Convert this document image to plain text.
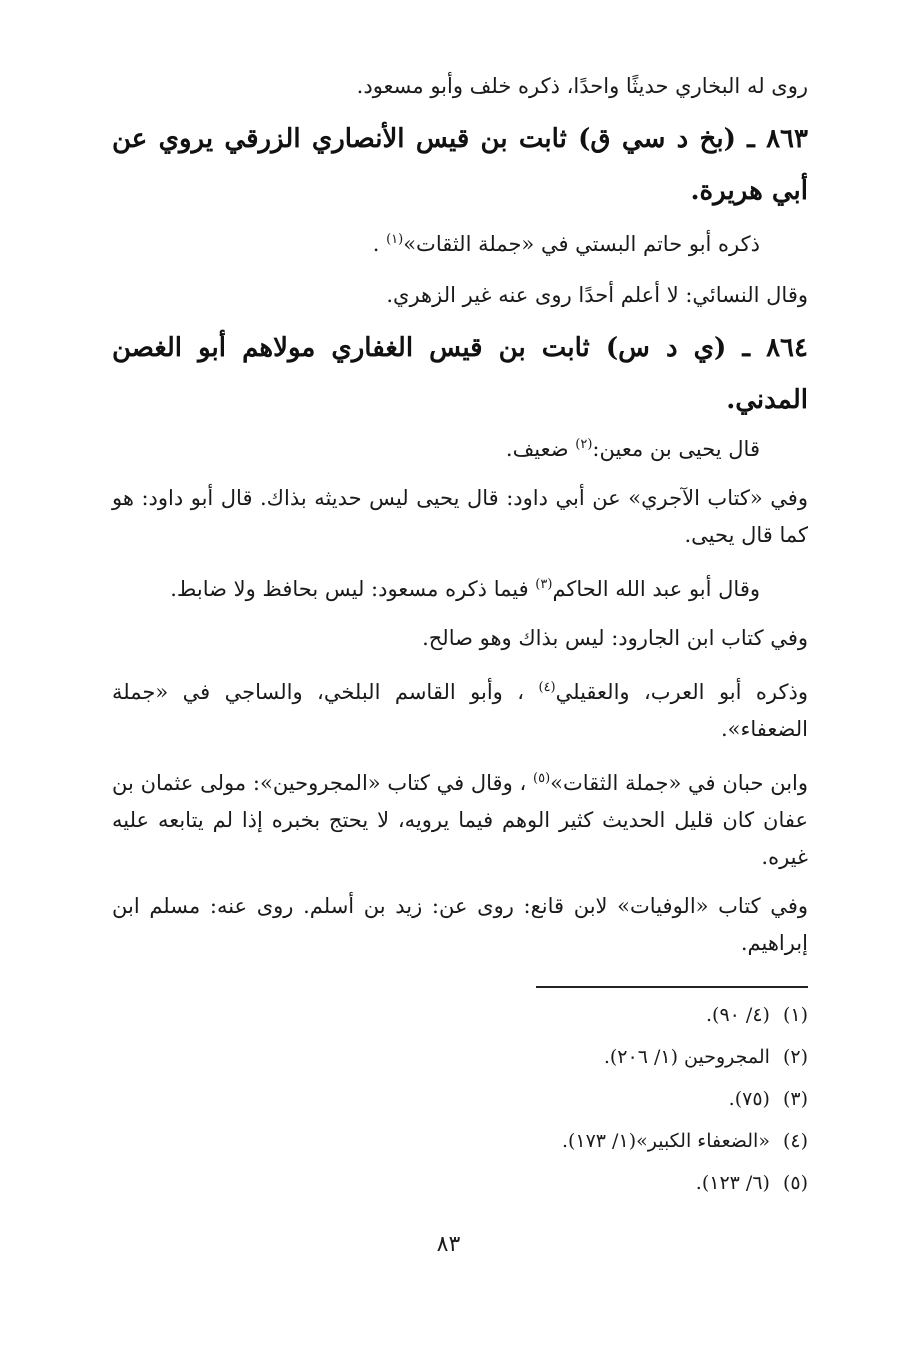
روى له البخاري حديثًا واحدًا، ذكره خلف وأبو مسعود.

٨٦٣ ـ (بخ د سي ق) ثابت بن قيس الأنصاري الزرقي يروي عن أبي هريرة.

ذكره أبو حاتم البستي في «جملة الثقات»$^{(١)}$ .

وقال النسائي: لا أعلم أحدًا روى عنه غير الزهري.

٨٦٤ ـ (ي د س) ثابت بن قيس الغفاري مولاهم أبو الغصن المدني.

قال يحيى بن معين:$^{(٢)}$ ضعيف.

وفي «كتاب الآجري» عن أبي داود: قال يحيى ليس حديثه بذاك. قال أبو داود: هو كما قال يحيى.

وقال أبو عبد الله الحاكم$^{(٣)}$ فيما ذكره مسعود: ليس بحافظ ولا ضابط.

وفي كتاب ابن الجارود: ليس بذاك وهو صالح.

وذكره أبو العرب، والعقيلي$^{(٤)}$ ، وأبو القاسم البلخي، والساجي في «جملة الضعفاء».

وابن حبان في «جملة الثقات»$^{(٥)}$ ، وقال في كتاب «المجروحين»: مولى عثمان بن عفان كان قليل الحديث كثير الوهم فيما يرويه، لا يحتج بخبره إذا لم يتابعه عليه غيره.

وفي كتاب «الوفيات» لابن قانع: روى عن: زيد بن أسلم. روى عنه: مسلم ابن إبراهيم.

(١) (٤/ ٩٠).

(٢) المجروحين (١/ ٢٠٦).

(٣) (٧٥).

(٤) «الضعفاء الكبير»(١/ ١٧٣).

(٥) (٦/ ١٢٣).

٨٣
